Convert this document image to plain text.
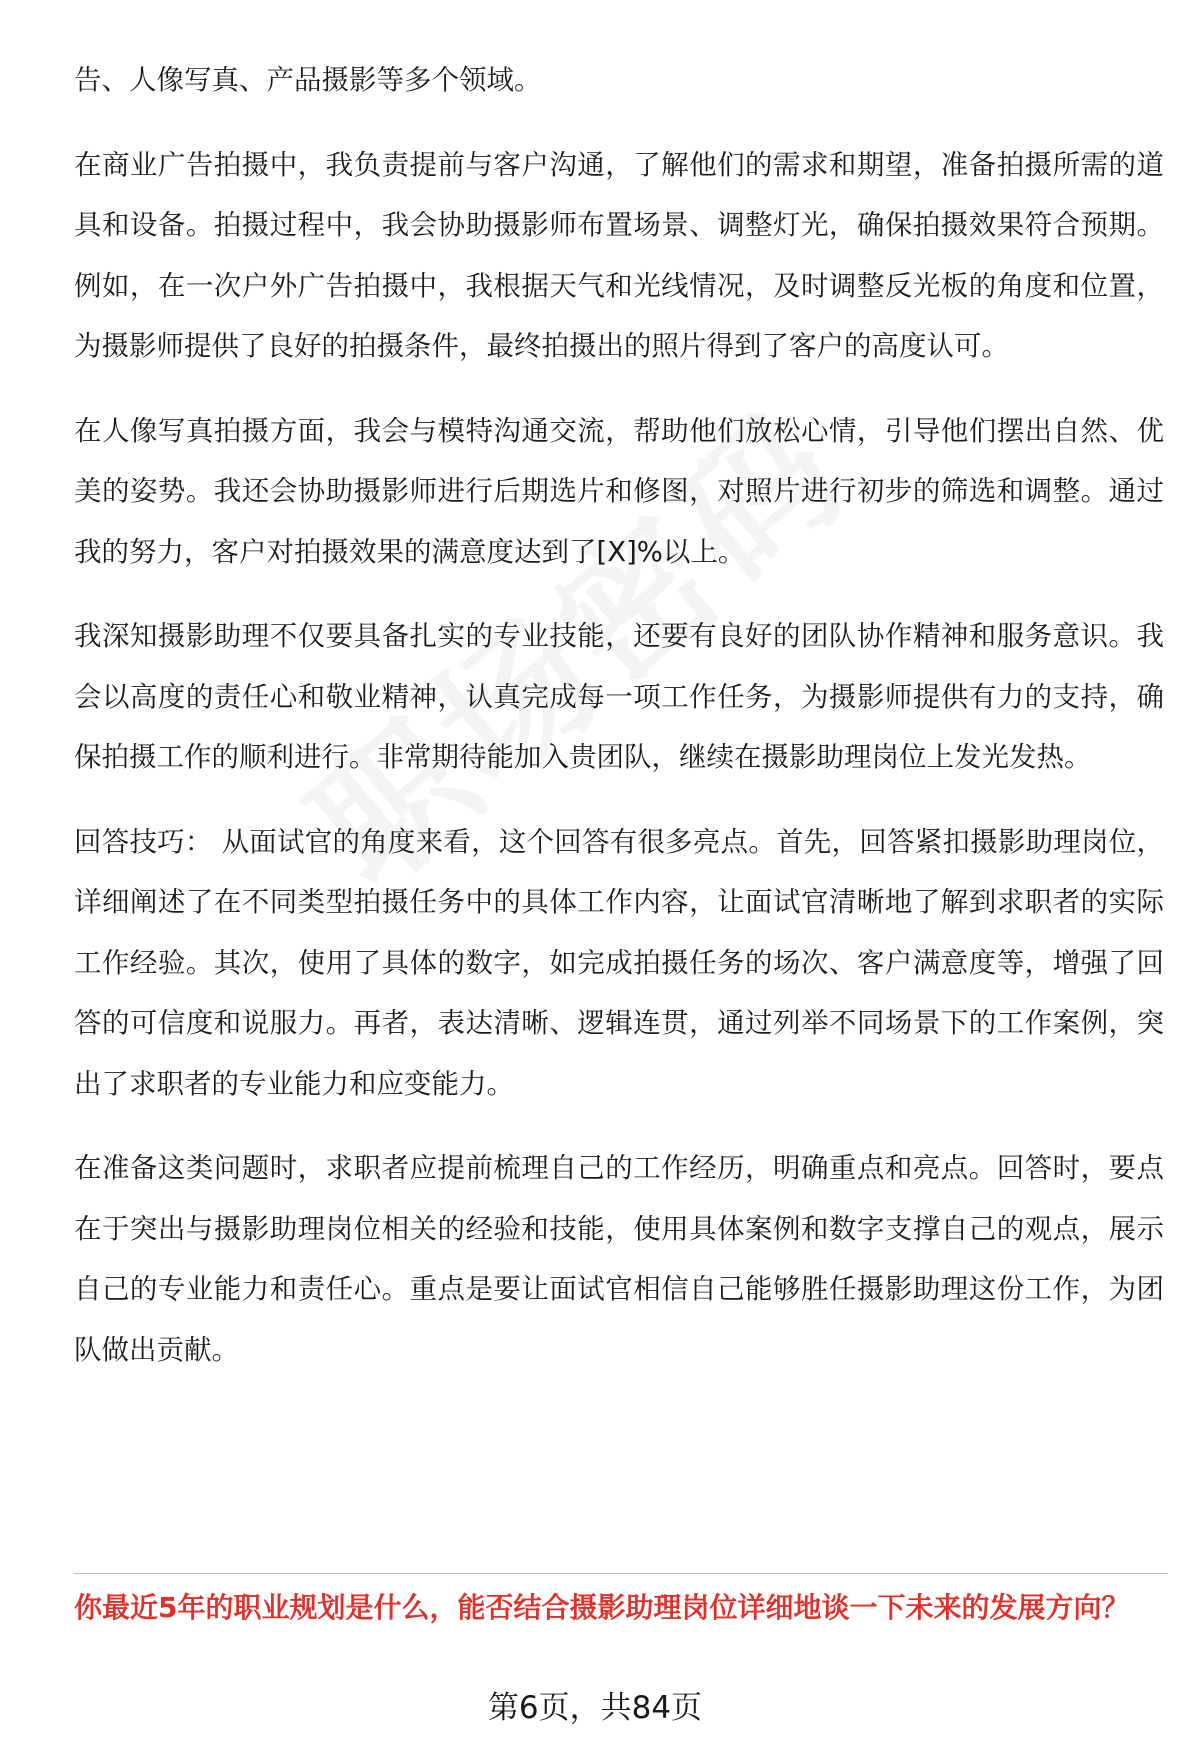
告、人像写真、产品摄影等多个领域。

在商业广告拍摄中，我负责提前与客户沟通，了解他们的需求和期望，准备拍摄所需的道具和设备。拍摄过程中，我会协助摄影师布置场景、调整灯光，确保拍摄效果符合预期。例如，在一次户外广告拍摄中，我根据天气和光线情况，及时调整反光板的角度和位置，为摄影师提供了良好的拍摄条件，最终拍摄出的照片得到了客户的高度认可。

在人像写真拍摄方面，我会与模特沟通交流，帮助他们放松心情，引导他们摆出自然、优美的姿势。我还会协助摄影师进行后期选片和修图，对照片进行初步的筛选和调整。通过我的努力，客户对拍摄效果的满意度达到了[X]%以上。

我深知摄影助理不仅要具备扎实的专业技能，还要有良好的团队协作精神和服务意识。我会以高度的责任心和敬业精神，认真完成每一项工作任务，为摄影师提供有力的支持，确保拍摄工作的顺利进行。非常期待能加入贵团队，继续在摄影助理岗位上发光发热。

回答技巧： 从面试官的角度来看，这个回答有很多亮点。首先，回答紧扣摄影助理岗位，详细阐述了在不同类型拍摄任务中的具体工作内容，让面试官清晰地了解到求职者的实际工作经验。其次，使用了具体的数字，如完成拍摄任务的场次、客户满意度等，增强了回答的可信度和说服力。再者，表达清晰、逻辑连贯，通过列举不同场景下的工作案例，突出了求职者的专业能力和应变能力。

在准备这类问题时，求职者应提前梳理自己的工作经历，明确重点和亮点。回答时，要点在于突出与摄影助理岗位相关的经验和技能，使用具体案例和数字支撑自己的观点，展示自己的专业能力和责任心。重点是要让面试官相信自己能够胜任摄影助理这份工作，为团队做出贡献。

你最近5年的职业规划是什么，能否结合摄影助理岗位详细地谈一下未来的发展方向？
第6页，共84页
